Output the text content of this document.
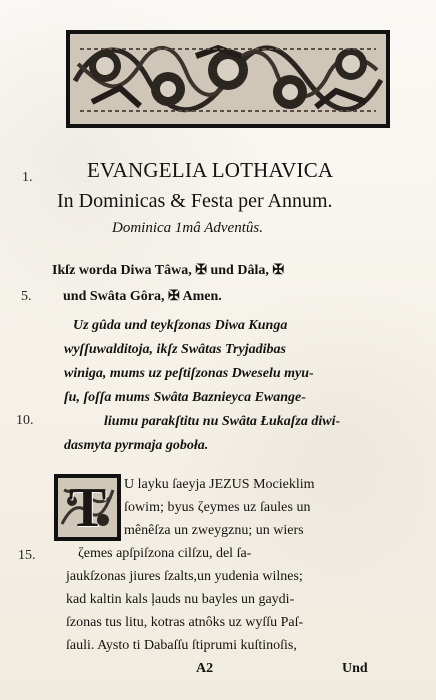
1.
5.
10.
15.
EVANGELIA LOTHAVICA
In Dominicas & Festa per Annum.
Dominica 1mâ Adventûs.
Ikſz worda Diwa Tâwa, ✠ und Dâla, ✠
und Swâta Gôra, ✠ Amen.
Uz gûda und teykſzonas Diwa Kunga
wyſſuwalditoja, ikſz Swâtas Tryjadibas
winiga, mums uz peſtiſzonas Dweselu myu-
ſu, ſoſſa mums Swâta Baznieyca Ewange-
liumu parakſtitu nu Swâta Łukaſza diwi-
dasmyta pyrmaja goboła.
T	U layku ſaeyja JEZUS Mocieklim
ſowim; byus ζeymes uz ſaules un
mênêſza un zweygznu; un wiers
ζemes apſpiſzona cilſzu, del ſa-
jaukſzonas jiures ſzalts,un yudenia wilnes;
kad kaltin kals ļauds nu bayles un gaydi-
ſzonas tus litu, kotras atnôks uz wyſſu Paſ-
ſauli. Aysto ti Dabaſſu ſtiprumi kuſtinoſis,
A2	Und
